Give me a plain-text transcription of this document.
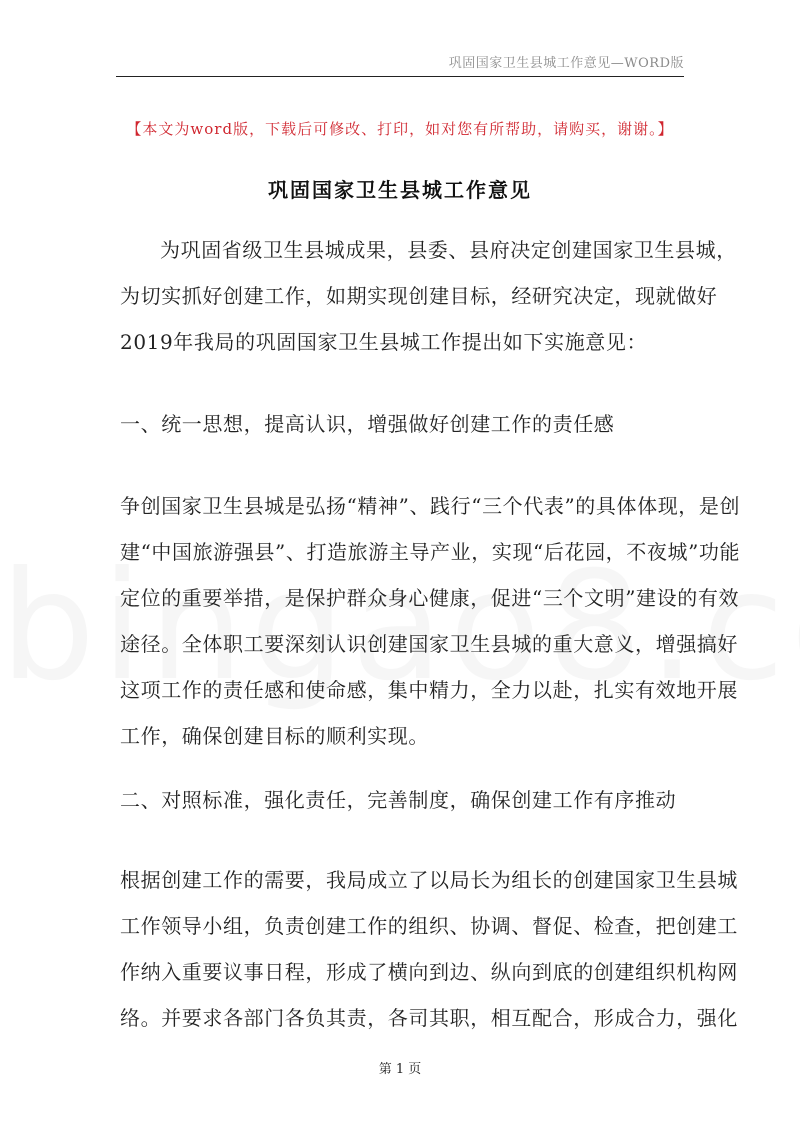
巩固国家卫生县城工作意见—WORD版
【本文为word版，下载后可修改、打印，如对您有所帮助，请购买，谢谢。】
巩固国家卫生县城工作意见
为巩固省级卫生县城成果，县委、县府决定创建国家卫生县城，
为切实抓好创建工作，如期实现创建目标，经研究决定，现就做好
2019年我局的巩固国家卫生县城工作提出如下实施意见：
一、统一思想，提高认识，增强做好创建工作的责任感
争创国家卫生县城是弘扬“精神”、践行“三个代表”的具体体现，是创
建“中国旅游强县”、打造旅游主导产业，实现“后花园，不夜城”功能
定位的重要举措，是保护群众身心健康，促进“三个文明”建设的有效
途径。全体职工要深刻认识创建国家卫生县城的重大意义，增强搞好
这项工作的责任感和使命感，集中精力，全力以赴，扎实有效地开展
工作，确保创建目标的顺利实现。
二、对照标准，强化责任，完善制度，确保创建工作有序推动
根据创建工作的需要，我局成立了以局长为组长的创建国家卫生县城
工作领导小组，负责创建工作的组织、协调、督促、检查，把创建工
作纳入重要议事日程，形成了横向到边、纵向到底的创建组织机构网
络。并要求各部门各负其责，各司其职，相互配合，形成合力，强化
第 1 页
